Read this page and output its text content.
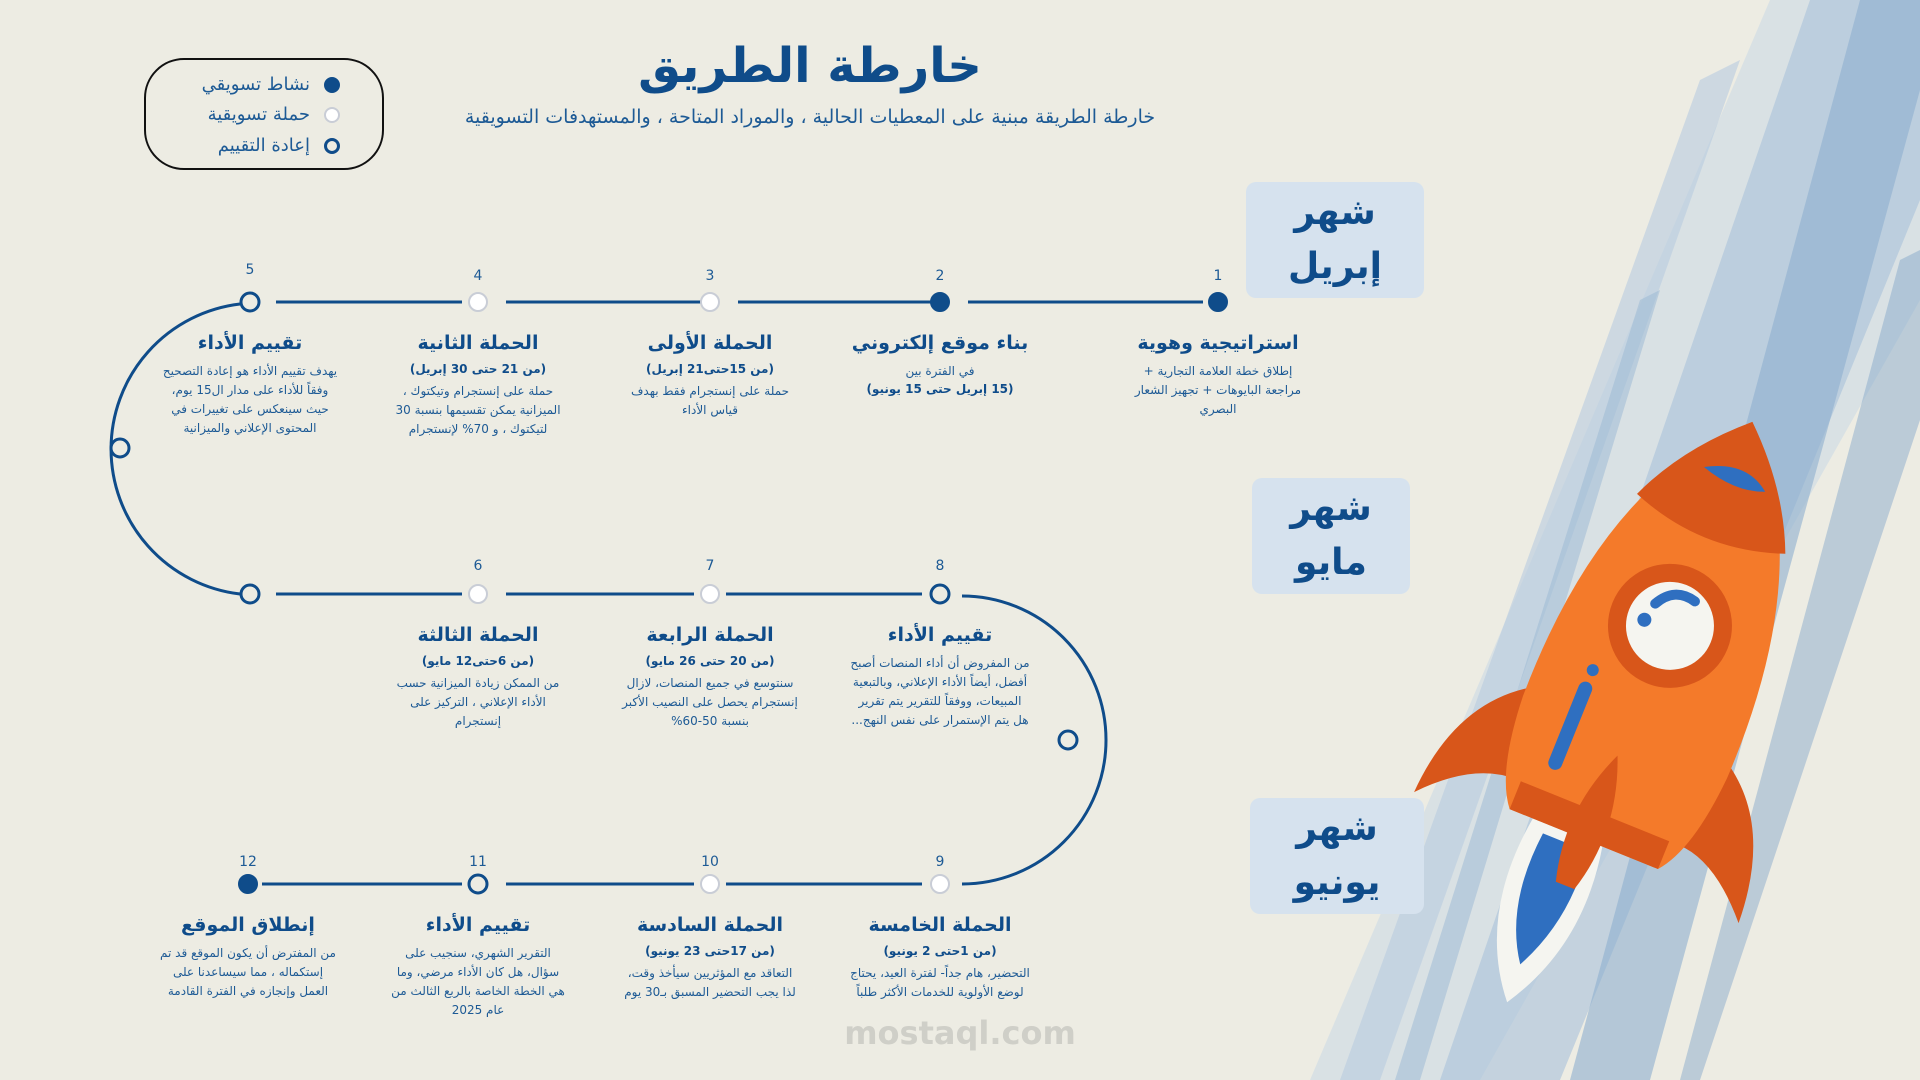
خارطة الطريق
خارطة الطريقة مبنية على المعطيات الحالية ، والموراد المتاحة ، والمستهدفات التسويقية
نشاط تسويقي
حملة تسويقية
إعادة التقييم
شهر إبريل
شهر مايو
شهر يونيو
1
استراتيجية وهوية
إطلاق خطة العلامة التجارية + مراجعة البايوهات + تجهيز الشعار البصري
2
بناء موقع إلكتروني
في الفترة بين
(15 إبريل حتى 15 يونيو)
3
الحملة الأولى
(من 15حتى21 إبريل)
حملة على إنستجرام فقط بهدف قياس الأداء
4
الحملة الثانية
(من 21 حتى 30 إبريل)
حملة على إنستجرام وتيكتوك ، الميزانية يمكن تقسيمها بنسبة 30 لتيكتوك ، و 70% لإنستجرام
5
تقييم الأداء
يهدف تقييم الأداء هو إعادة التصحيح وفقاً للأداء على مدار ال15 يوم، حيث سينعكس على تغييرات في المحتوى الإعلاني والميزانية
6
الحملة الثالثة
(من 6حتى12 مايو)
من الممكن زيادة الميزانية حسب الأداء الإعلاني ، التركيز على إنستجرام
7
الحملة الرابعة
(من 20 حتى 26 مايو)
سنتوسع في جميع المنصات، لازال إنستجرام يحصل على النصيب الأكبر بنسبة 50-60%
8
تقييم الأداء
من المفروض أن أداء المنصات أصبح أفضل، أيضاً الأداء الإعلاني، وبالتبعية المبيعات، ووفقاً للتقرير يتم تقرير هل يتم الإستمرار على نفس النهج...
9
الحملة الخامسة
(من 1حتى 2 يونيو)
التحضير، هام جداً- لفترة العيد، يحتاج لوضع الأولوية للخدمات الأكثر طلباً
10
الحملة السادسة
(من 17حتى 23 يونيو)
التعاقد مع المؤثريين سيأخذ وقت، لذا يجب التحضير المسبق بـ30 يوم
11
تقييم الأداء
التقرير الشهري، سنجيب على سؤال، هل كان الأداء مرضي، وما هي الخطة الخاصة بالربع الثالث من عام 2025
12
إنطلاق الموقع
من المفترض أن يكون الموقع قد تم إستكماله ، مما سيساعدنا على العمل وإنجازه في الفترة القادمة
mostaql.com
